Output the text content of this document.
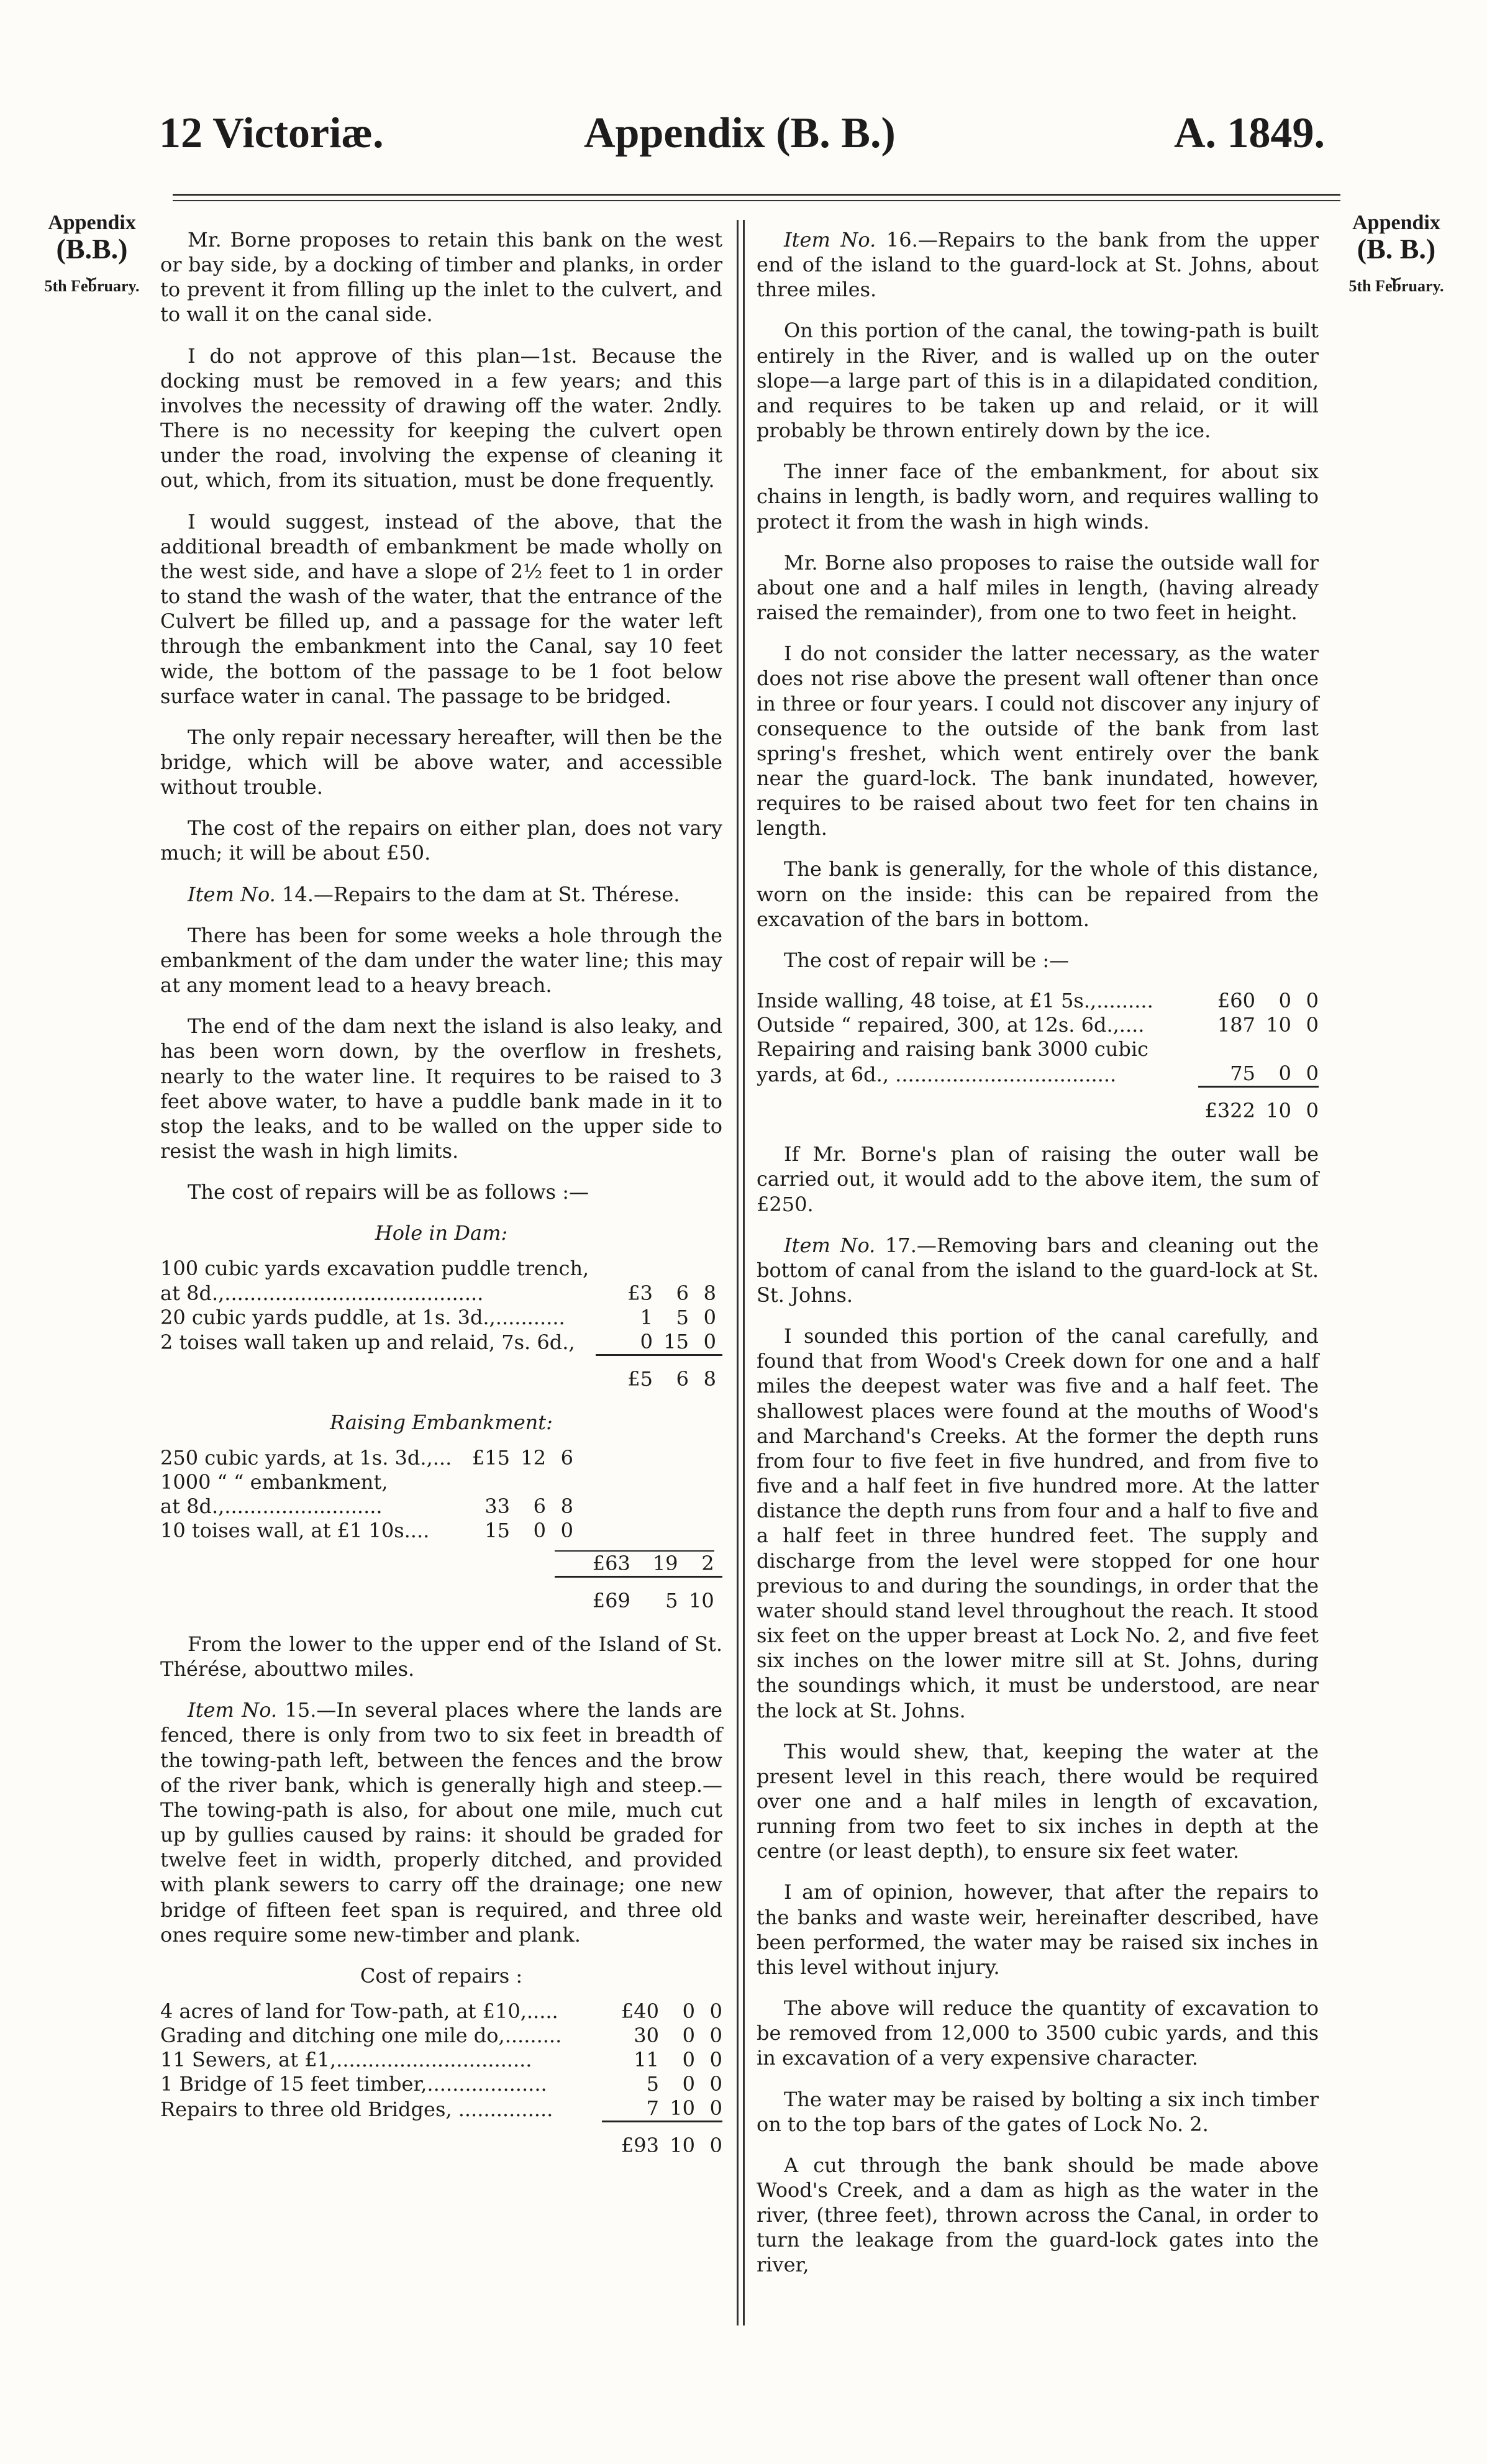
12 Victoriæ.	Appendix (B. B.)	A. 1849.
Appendix
(B.B.)
⏟
5th February.
Appendix
(B. B.)
⏟
5th February.

Mr. Borne proposes to retain this bank on the west or bay side, by a docking of timber and planks, in order to prevent it from filling up the inlet to the culvert, and to wall it on the canal side.

I do not approve of this plan—1st. Because the docking must be removed in a few years; and this involves the necessity of drawing off the water. 2ndly. There is no necessity for keeping the culvert open under the road, involving the expense of cleaning it out, which, from its situation, must be done frequently.

I would suggest, instead of the above, that the additional breadth of embankment be made wholly on the west side, and have a slope of 2½ feet to 1 in order to stand the wash of the water, that the entrance of the Culvert be filled up, and a passage for the water left through the embankment into the Canal, say 10 feet wide, the bottom of the passage to be 1 foot below surface water in canal. The passage to be bridged.

The only repair necessary hereafter, will then be the bridge, which will be above water, and accessible without trouble.

The cost of the repairs on either plan, does not vary much; it will be about £50.

Item No. 14.—Repairs to the dam at St. Thérese.

There has been for some weeks a hole through the embankment of the dam under the water line; this may at any moment lead to a heavy breach.

The end of the dam next the island is also leaky, and has been worn down, by the overflow in freshets, nearly to the water line. It requires to be raised to 3 feet above water, to have a puddle bank made in it to stop the leaks, and to be walled on the upper side to resist the wash in high limits.

The cost of repairs will be as follows :—

Hole in Dam:
100 cubic yards excavation puddle trench,				
at 8d.,.........................................	£3	6	8	
20 cubic yards puddle, at 1s. 3d.,...........	1	5	0	
2 toises wall taken up and relaid, 7s. 6d.,	0	15	0	

	£5	6	8	
Raising Embankment:
250 cubic yards, at 1s. 3d.,...	£15	12	6	
1000 “ “ embankment,				
at 8d.,.........................	33	6	8	
10 toises wall, at £1 10s....	15	0	0	
	£63	19	2	

	£69	5	10	

From the lower to the upper end of the Island of St. Thérése, abouttwo miles.

Item No. 15.—In several places where the lands are fenced, there is only from two to six feet in breadth of the towing-path left, between the fences and the brow of the river bank, which is generally high and steep.—The towing-path is also, for about one mile, much cut up by gullies caused by rains: it should be graded for twelve feet in width, properly ditched, and provided with plank sewers to carry off the drainage; one new bridge of fifteen feet span is required, and three old ones require some new-timber and plank.

Cost of repairs :
4 acres of land for Tow-path, at £10,.....	£40	0	0
Grading and ditching one mile do,.........	30	0	0
11 Sewers, at £1,...............................	11	0	0
1 Bridge of 15 feet timber,...................	5	0	0
Repairs to three old Bridges, ...............	7	10	0

	£93	10	0

Item No. 16.—Repairs to the bank from the upper end of the island to the guard-lock at St. Johns, about three miles.

On this portion of the canal, the towing-path is built entirely in the River, and is walled up on the outer slope—a large part of this is in a dilapidated condition, and requires to be taken up and relaid, or it will probably be thrown entirely down by the ice.

The inner face of the embankment, for about six chains in length, is badly worn, and requires walling to protect it from the wash in high winds.

Mr. Borne also proposes to raise the outside wall for about one and a half miles in length, (having already raised the remainder), from one to two feet in height.

I do not consider the latter necessary, as the water does not rise above the present wall oftener than once in three or four years. I could not discover any injury of consequence to the outside of the bank from last spring's freshet, which went entirely over the bank near the guard-lock. The bank inundated, however, requires to be raised about two feet for ten chains in length.

The bank is generally, for the whole of this distance, worn on the inside: this can be repaired from the excavation of the bars in bottom.

The cost of repair will be :—

Inside walling, 48 toise, at £1 5s.,.........	£60	0	0
Outside “ repaired, 300, at 12s. 6d.,....	187	10	0
Repairing and raising bank 3000 cubic			
yards, at 6d., ...................................	75	0	0

	£322	10	0

If Mr. Borne's plan of raising the outer wall be carried out, it would add to the above item, the sum of £250.

Item No. 17.—Removing bars and cleaning out the bottom of canal from the island to the guard-lock at St. St. Johns.

I sounded this portion of the canal carefully, and found that from Wood's Creek down for one and a half miles the deepest water was five and a half feet. The shallowest places were found at the mouths of Wood's and Marchand's Creeks. At the former the depth runs from four to five feet in five hundred, and from five to five and a half feet in five hundred more. At the latter distance the depth runs from four and a half to five and a half feet in three hundred feet. The supply and discharge from the level were stopped for one hour previous to and during the soundings, in order that the water should stand level throughout the reach. It stood six feet on the upper breast at Lock No. 2, and five feet six inches on the lower mitre sill at St. Johns, during the soundings which, it must be understood, are near the lock at St. Johns.

This would shew, that, keeping the water at the present level in this reach, there would be required over one and a half miles in length of excavation, running from two feet to six inches in depth at the centre (or least depth), to ensure six feet water.

I am of opinion, however, that after the repairs to the banks and waste weir, hereinafter described, have been performed, the water may be raised six inches in this level without injury.

The above will reduce the quantity of excavation to be removed from 12,000 to 3500 cubic yards, and this in excavation of a very expensive character.

The water may be raised by bolting a six inch timber on to the top bars of the gates of Lock No. 2.

A cut through the bank should be made above Wood's Creek, and a dam as high as the water in the river, (three feet), thrown across the Canal, in order to turn the leakage from the guard-lock gates into the river,
